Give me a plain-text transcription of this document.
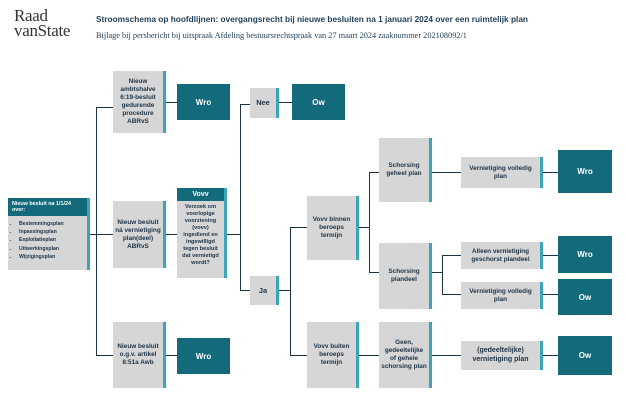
Raad
vanState
Stroomschema op hoofdlijnen: overgangsrecht bij nieuwe besluiten na 1 januari 2024 over een ruimtelijk plan
Bijlage bij persbericht bij uitspraak Afdeling bestuursrechtspraak van 27 maart 2024 zaaknummer 202108092/1
Nieuw besluit na 1/1/24 over:
• Bestemmingsplan
• Inpassingsplan
• Exploitatieplan
• Uitwerkingsplan
• Wijzigingsplan
Nieuw ambtshalve 6:19-besluit gedurende procedure ABRvS
Nieuw besluit ná vernietiging plan(deel) ABRvS
Nieuw besluit o.g.v. artikel 8:51a Awb
Wro
Vovv
Verzoek om voorlopige voorziening (vovv) ingediend en ingewilligd tegen besluit dat vernietigd wordt?
Wro
Nee	Ow
Ja
Vovv binnen beroeps termijn
Vovv buiten beroeps termijn
Schorsing geheel plan
Schorsing plandeel
Geen, gedeeltelijke of gehele schorsing plan
Vernietiging volledig plan
Alleen vernietiging geschorst plandeel
Vernietiging volledig plan
(gedeeltelijke) vernietiging plan
Wro
Wro
Ow
Ow
